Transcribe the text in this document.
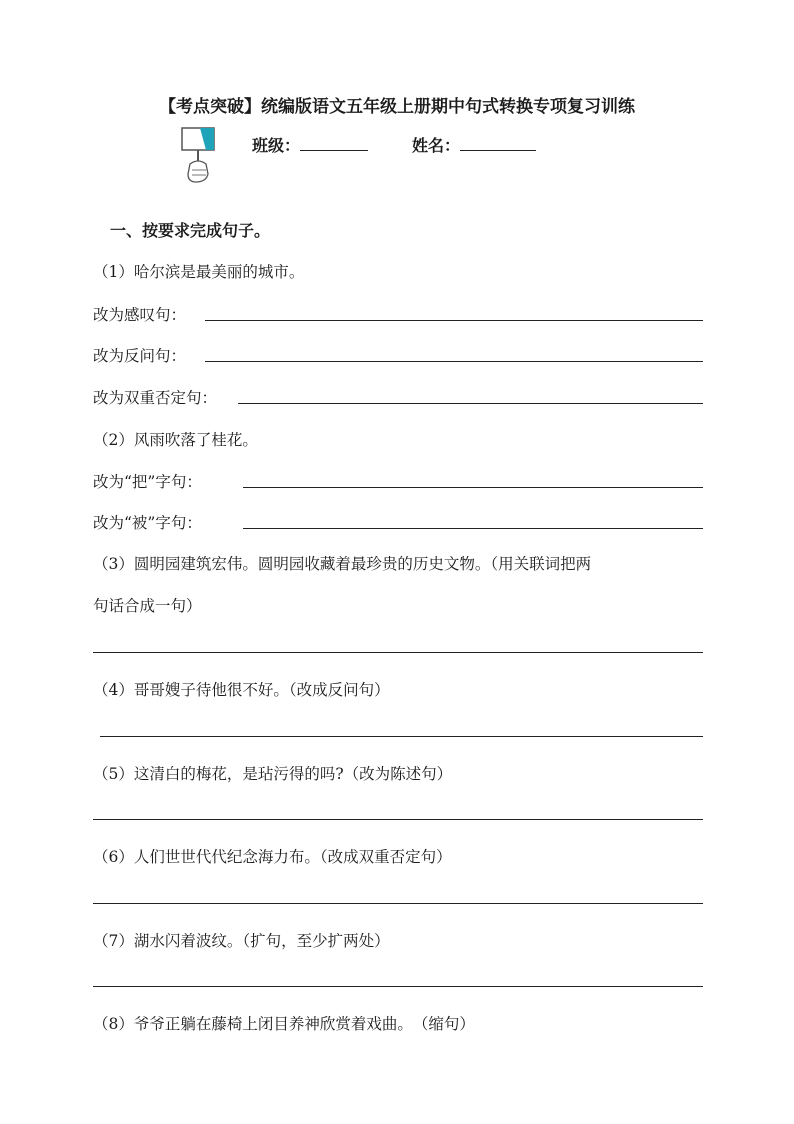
【考点突破】统编版语文五年级上册期中句式转换专项复习训练
班级：	姓名：
一、按要求完成句子。
（1）哈尔滨是最美丽的城市。
改为感叹句：
改为反问句：
改为双重否定句：
（2）风雨吹落了桂花。
改为“把”字句：
改为“被”字句：
（3）圆明园建筑宏伟。圆明园收藏着最珍贵的历史文物。（用关联词把两
句话合成一句）
（4）哥哥嫂子待他很不好。（改成反问句）
（5）这清白的梅花，是玷污得的吗?（改为陈述句）
（6）人们世世代代纪念海力布。（改成双重否定句）
（7）湖水闪着波纹。（扩句，至少扩两处）
（8）爷爷正躺在藤椅上闭目养神欣赏着戏曲。　（缩句）
